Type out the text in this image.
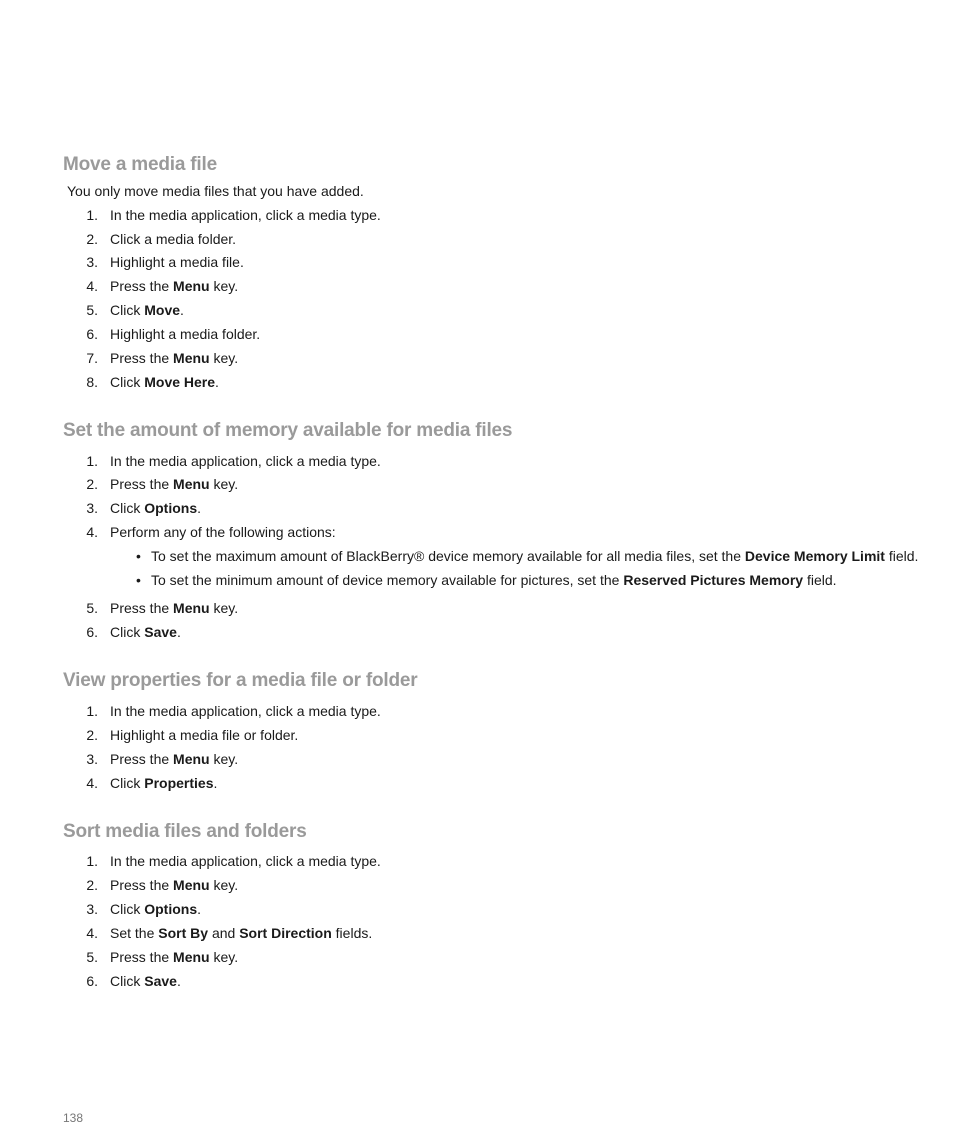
Move a media file
You only move media files that you have added.
1. In the media application, click a media type.
2. Click a media folder.
3. Highlight a media file.
4. Press the Menu key.
5. Click Move.
6. Highlight a media folder.
7. Press the Menu key.
8. Click Move Here.
Set the amount of memory available for media files
1. In the media application, click a media type.
2. Press the Menu key.
3. Click Options.
4. Perform any of the following actions:
• To set the maximum amount of BlackBerry® device memory available for all media files, set the Device Memory Limit field.
• To set the minimum amount of device memory available for pictures, set the Reserved Pictures Memory field.
5. Press the Menu key.
6. Click Save.
View properties for a media file or folder
1. In the media application, click a media type.
2. Highlight a media file or folder.
3. Press the Menu key.
4. Click Properties.
Sort media files and folders
1. In the media application, click a media type.
2. Press the Menu key.
3. Click Options.
4. Set the Sort By and Sort Direction fields.
5. Press the Menu key.
6. Click Save.
138
